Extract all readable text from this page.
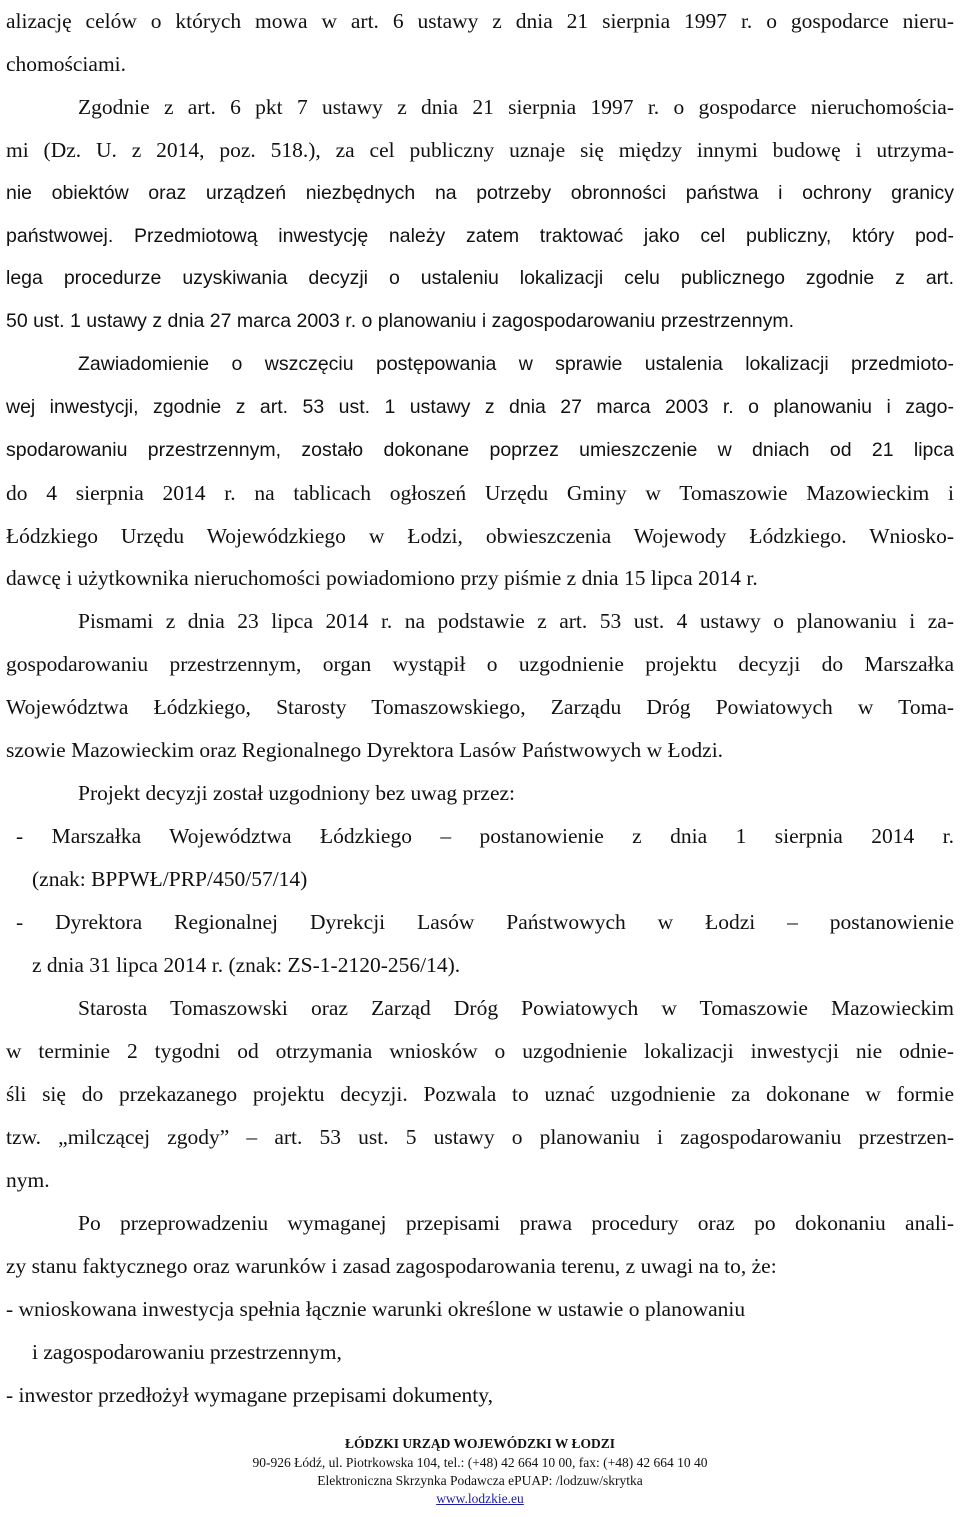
alizację celów o których mowa w art. 6 ustawy z dnia 21 sierpnia 1997 r. o gospodarce nieru-
chomościami.
Zgodnie z art. 6 pkt 7 ustawy z dnia 21 sierpnia 1997 r. o gospodarce nieruchomościa-
mi (Dz. U. z 2014, poz. 518.), za cel publiczny uznaje się między innymi budowę i utrzyma-
nie obiektów oraz urządzeń niezbędnych na potrzeby obronności państwa i ochrony granicy
państwowej. Przedmiotową inwestycję należy zatem traktować jako cel publiczny, który pod-
lega procedurze uzyskiwania decyzji o ustaleniu lokalizacji celu publicznego zgodnie z art.
50 ust. 1 ustawy z dnia 27 marca 2003 r. o planowaniu i zagospodarowaniu przestrzennym.
Zawiadomienie o wszczęciu postępowania w sprawie ustalenia lokalizacji przedmioto-
wej inwestycji, zgodnie z art. 53 ust. 1 ustawy z dnia 27 marca 2003 r. o planowaniu i zago-
spodarowaniu przestrzennym, zostało dokonane poprzez umieszczenie w dniach od 21 lipca
do 4 sierpnia 2014 r. na tablicach ogłoszeń Urzędu Gminy w Tomaszowie Mazowieckim i
Łódzkiego Urzędu Wojewódzkiego w Łodzi, obwieszczenia Wojewody Łódzkiego. Wniosko-
dawcę i użytkownika nieruchomości powiadomiono przy piśmie z dnia 15 lipca 2014 r.
Pismami z dnia 23 lipca 2014 r. na podstawie z art. 53 ust. 4 ustawy o planowaniu i za-
gospodarowaniu przestrzennym, organ wystąpił o uzgodnienie projektu decyzji do Marszałka
Województwa Łódzkiego, Starosty Tomaszowskiego, Zarządu Dróg Powiatowych w Toma-
szowie Mazowieckim oraz Regionalnego Dyrektora Lasów Państwowych w Łodzi.
Projekt decyzji został uzgodniony bez uwag przez:
- Marszałka Województwa Łódzkiego – postanowienie z dnia 1 sierpnia 2014 r.
(znak: BPPWŁ/PRP/450/57/14)
- Dyrektora Regionalnej Dyrekcji Lasów Państwowych w Łodzi – postanowienie
z dnia 31 lipca 2014 r. (znak: ZS-1-2120-256/14).
Starosta Tomaszowski oraz Zarząd Dróg Powiatowych w Tomaszowie Mazowieckim
w terminie 2 tygodni od otrzymania wniosków o uzgodnienie lokalizacji inwestycji nie odnie-
śli się do przekazanego projektu decyzji. Pozwala to uznać uzgodnienie za dokonane w formie
tzw. „milczącej zgody” – art. 53 ust. 5 ustawy o planowaniu i zagospodarowaniu przestrzen-
nym.
Po przeprowadzeniu wymaganej przepisami prawa procedury oraz po dokonaniu anali-
zy stanu faktycznego oraz warunków i zasad zagospodarowania terenu, z uwagi na to, że:
- wnioskowana inwestycja spełnia łącznie warunki określone w ustawie o planowaniu
i zagospodarowaniu przestrzennym,
- inwestor przedłożył wymagane przepisami dokumenty,
ŁÓDZKI URZĄD WOJEWÓDZKI W ŁODZI
90-926 Łódź, ul. Piotrkowska 104, tel.: (+48) 42 664 10 00, fax: (+48) 42 664 10 40
Elektroniczna Skrzynka Podawcza ePUAP: /lodzuw/skrytka
www.lodzkie.eu
